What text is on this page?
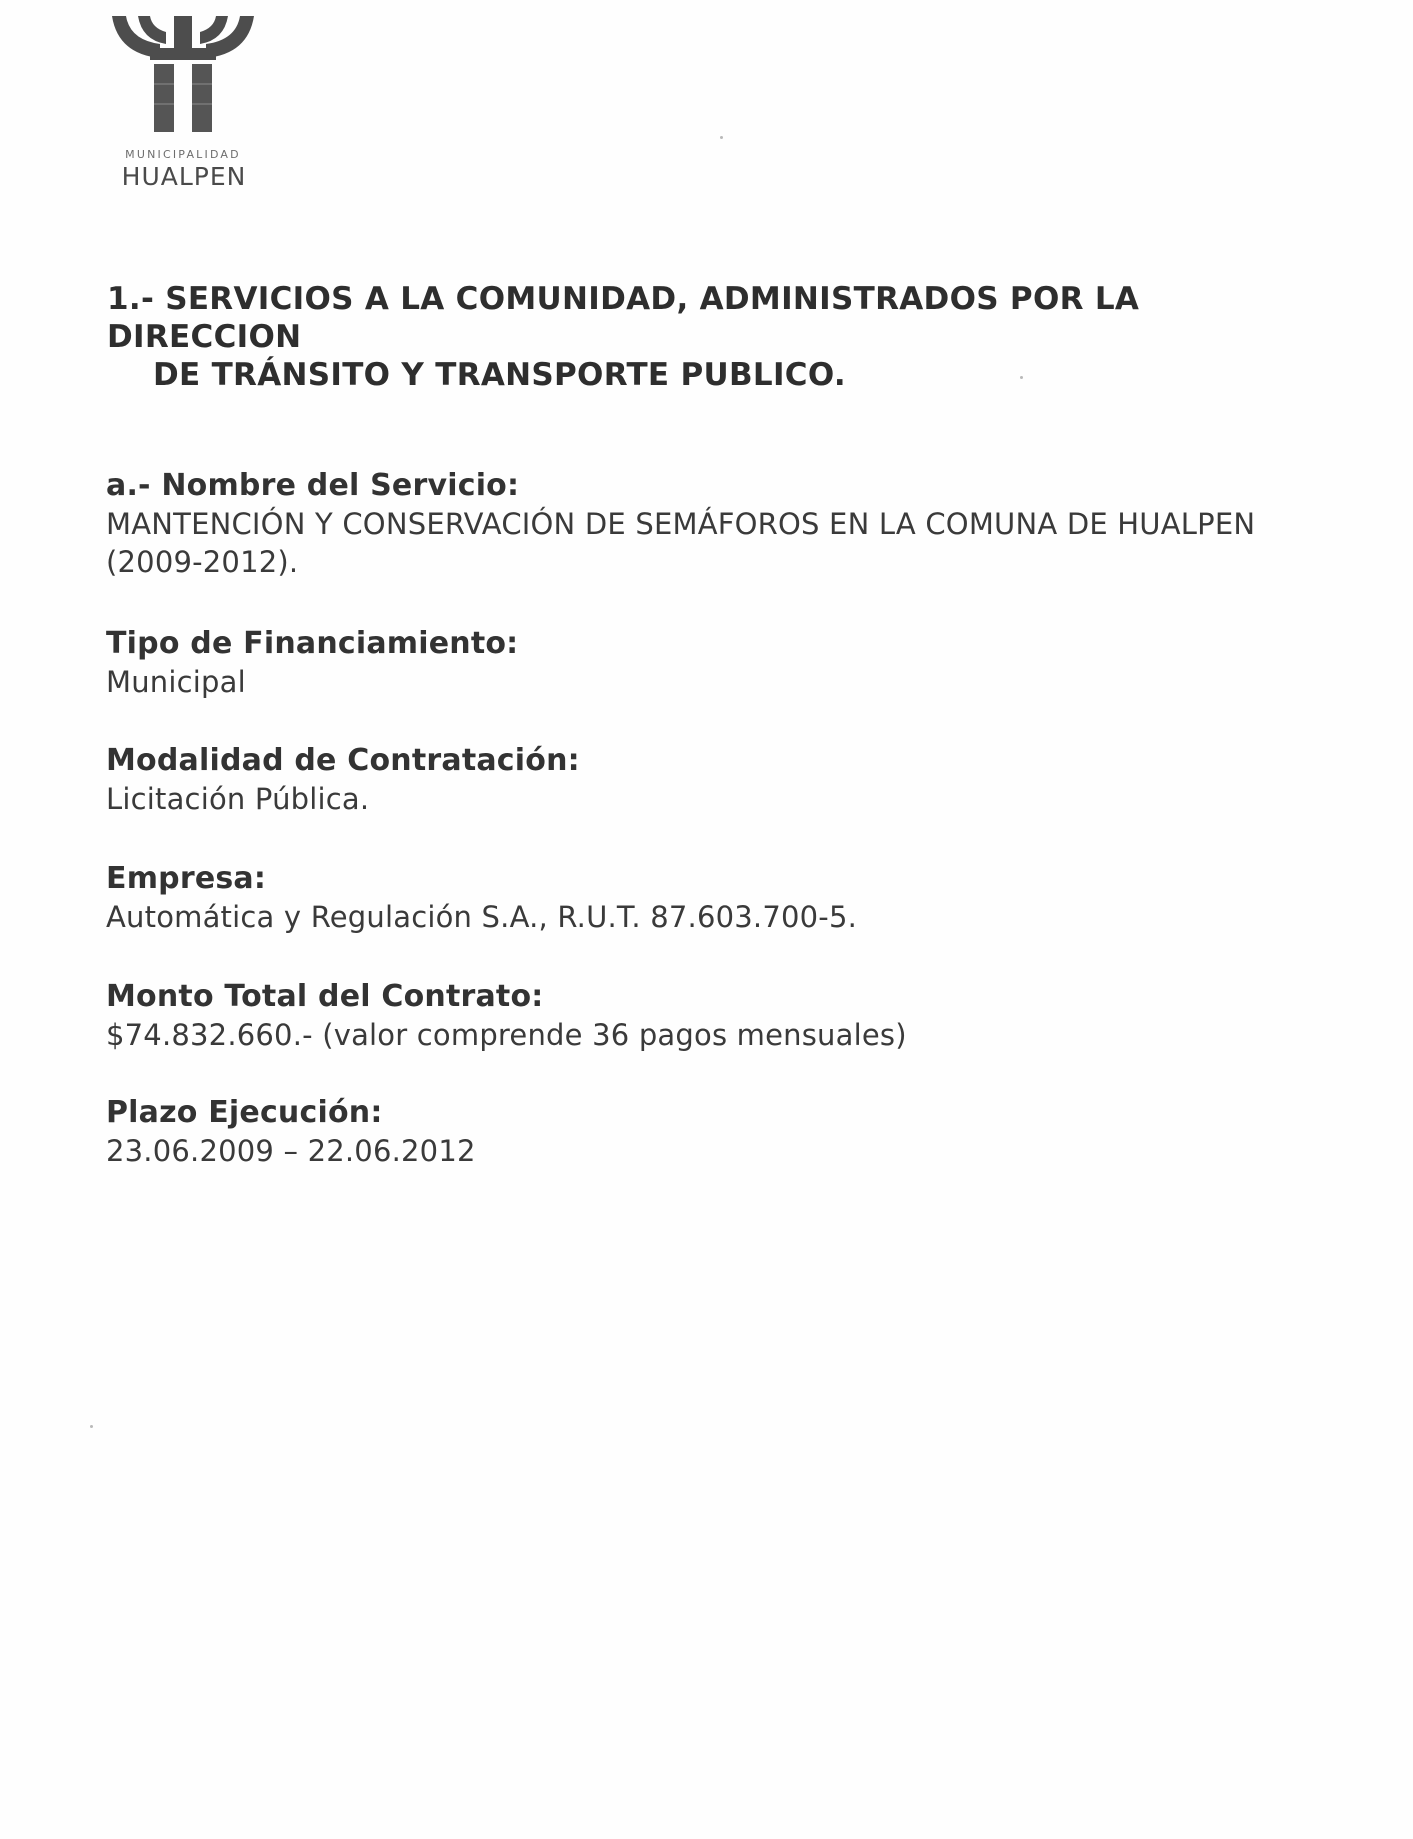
MUNICIPALIDAD
HUALPEN
1.- SERVICIOS A LA COMUNIDAD, ADMINISTRADOS POR LA DIRECCION
DE TRÁNSITO Y TRANSPORTE PUBLICO.
a.- Nombre del Servicio:
MANTENCIÓN Y CONSERVACIÓN DE SEMÁFOROS EN LA COMUNA DE HUALPEN
(2009-2012).
Tipo de Financiamiento:
Municipal
Modalidad de Contratación:
Licitación Pública.
Empresa:
Automática y Regulación S.A., R.U.T. 87.603.700-5.
Monto Total del Contrato:
$74.832.660.- (valor comprende 36 pagos mensuales)
Plazo Ejecución:
23.06.2009 – 22.06.2012
